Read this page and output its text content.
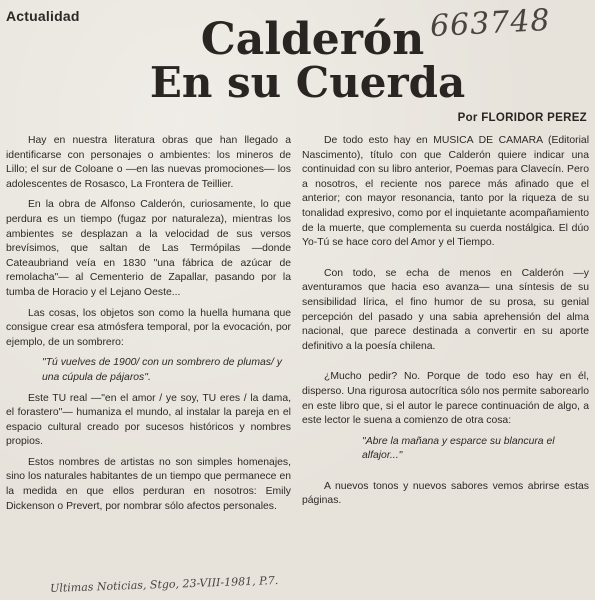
Actualidad	663748
Calderón
En su Cuerda
Por FLORIDOR PEREZ

Hay en nuestra literatura obras que han llegado a identificarse con personajes o ambientes: los mineros de Lillo; el sur de Coloane o —en las nuevas promociones— los adolescentes de Rosasco, La Frontera de Teillier.

En la obra de Alfonso Calderón, curiosamente, lo que perdura es un tiempo (fugaz por naturaleza), mientras los ambientes se desplazan a la velocidad de sus versos brevísimos, que saltan de Las Termópilas —donde Cateaubriand veía en 1830 "una fábrica de azúcar de remolacha"— al Cementerio de Zapallar, pasando por la tumba de Horacio y el Lejano Oeste...

Las cosas, los objetos son como la huella humana que consigue crear esa atmósfera temporal, por la evocación, por ejemplo, de un sombrero:

"Tú vuelves de 1900/ con un sombrero de plumas/ y una cúpula de pájaros".

Este TU real —"en el amor / ye soy, TU eres / la dama, el forastero"— humaniza el mundo, al instalar la pareja en el espacio cultural creado por sucesos históricos y nombres propios.

Estos nombres de artistas no son simples homenajes, sino los naturales habitantes de un tiempo que permanece en la medida en que ellos perduran en nosotros: Emily Dickenson o Prevert, por nombrar sólo afectos personales.

De todo esto hay en MUSICA DE CAMARA (Editorial Nascimento), título con que Calderón quiere indicar una continuidad con su libro anterior, Poemas para Clavecín. Pero a nosotros, el reciente nos parece más afinado que el anterior; con mayor resonancia, tanto por la riqueza de su tonalidad expresivo, como por el inquietante acompañamiento de la muerte, que complementa su cuerda nostálgica. El dúo Yo-Tú se hace coro del Amor y el Tiempo.

Con todo, se echa de menos en Calderón —y aventuramos que hacia eso avanza— una síntesis de su sensibilidad lírica, el fino humor de su prosa, su genial percepción del pasado y una sabia aprehensión del alma nacional, que parece destinada a convertir en su aporte definitivo a la poesía chilena.

¿Mucho pedir? No. Porque de todo eso hay en él, disperso. Una rigurosa autocrítica sólo nos permite saborearlo en este libro que, si el autor le parece continuación de algo, a este lector le suena a comienzo de otra cosa:

"Abre la mañana y esparce su blancura el alfajor..."

A nuevos tonos y nuevos sabores vemos abrirse estas páginas.

Ultimas Noticias, Stgo, 23-VIII-1981, P.7.
